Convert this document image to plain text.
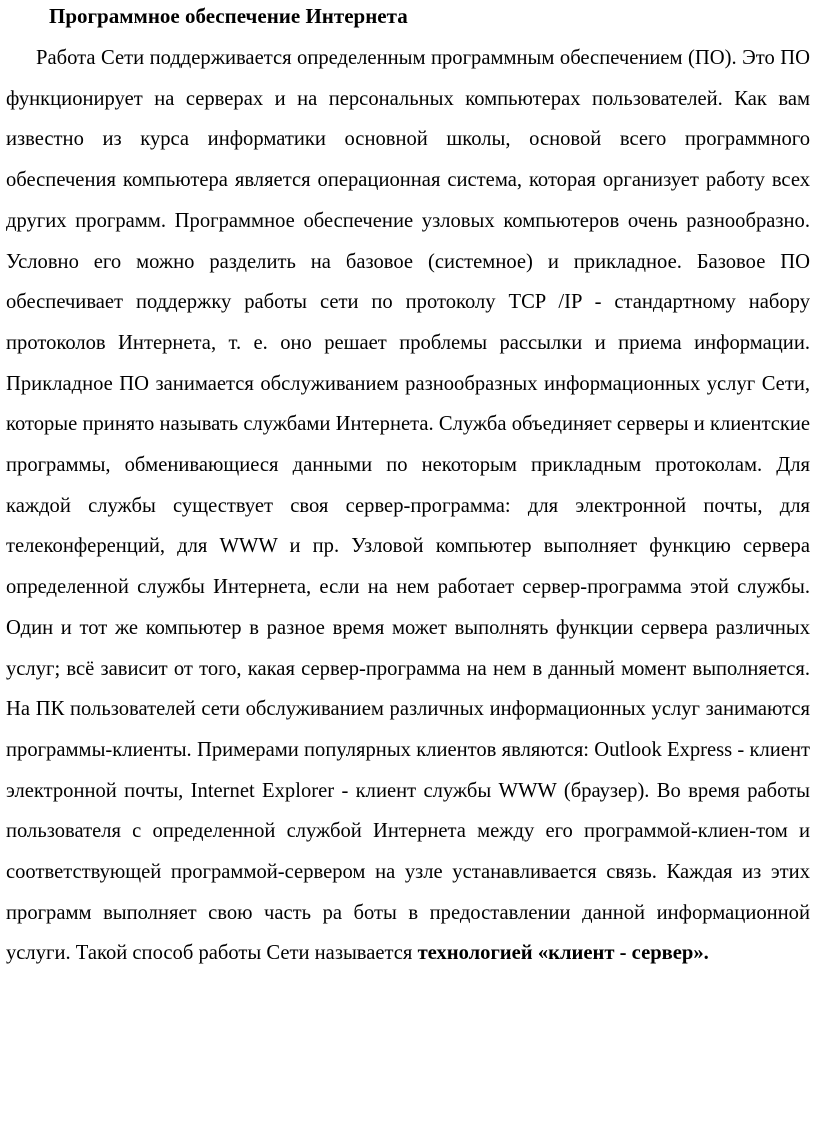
Программное обеспечение Интернета

Работа Сети поддерживается определенным программным обеспечением (ПО). Это ПО функционирует на серверах и на персональных компьютерах пользователей. Как вам известно из курса информатики основной школы, основой всего программного обеспечения компьютера является операционная система, которая организует работу всех других программ. Программное обеспечение узловых компьютеров очень разнообразно. Условно его можно разделить на базовое (системное) и прикладное. Базовое ПО обеспечивает поддержку работы сети по протоколу TCP /IP - стандартному набору протоколов Интернета, т. е. оно решает проблемы рассылки и приема информации. Прикладное ПО занимается обслуживанием разнообразных информационных услуг Сети, которые принято называть службами Интернета. Служба объединяет серверы и клиентские программы, обменивающиеся данными по некоторым прикладным протоколам. Для каждой службы существует своя сервер-программа: для электронной почты, для телеконференций, для WWW и пр. Узловой компьютер выполняет функцию сервера определенной службы Интернета, если на нем работает сервер-программа этой службы. Один и тот же компьютер в разное время может выполнять функции сервера различных услуг; всё зависит от того, какая сервер-программа на нем в данный момент выполняется. На ПК пользователей сети обслуживанием различных информационных услуг занимаются программы-клиенты. Примерами популярных клиентов являются: Outlook Express - клиент электронной почты, Internet Explorer - клиент службы WWW (браузер). Во время работы пользователя с определенной службой Интернета между его программой-клиен-том и соответствующей программой-сервером на узле устанавливается связь. Каждая из этих программ выполняет свою часть ра боты в предоставлении данной информационной услуги. Такой способ работы Сети называется технологией «клиент - сервер».
